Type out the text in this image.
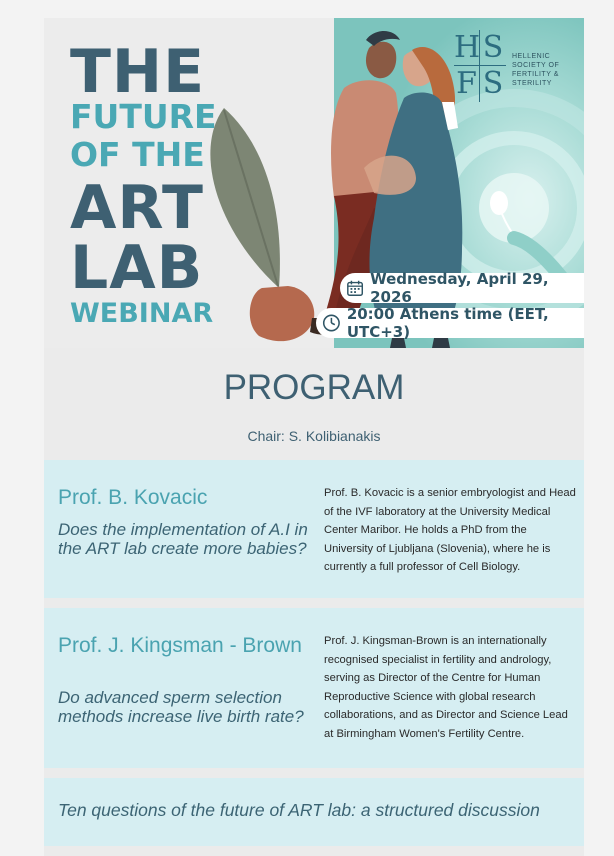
THE
FUTURE
OF THE
ART
LAB
WEBINAR
H S
F S
HELLENIC SOCIETY OF FERTILITY & STERILITY
Wednesday, April 29, 2026
20:00 Athens time (EET, UTC+3)
PROGRAM
Chair: S. Kolibianakis
Prof. B. Kovacic
Does the implementation of A.I in the ART lab create more babies?
Prof. B. Kovacic is a senior embryologist and Head of the IVF laboratory at the University Medical Center Maribor. He holds a PhD from the University of Ljubljana (Slovenia), where he is currently a full professor of Cell Biology.
Prof. J. Kingsman - Brown
Do advanced sperm selection methods increase live birth rate?
Prof. J. Kingsman-Brown is an internationally recognised specialist in fertility and andrology, serving as Director of the Centre for Human Reproductive Science with global research collaborations, and as Director and Science Lead at Birmingham Women's Fertility Centre.
Ten questions of the future of ART lab: a structured discussion
